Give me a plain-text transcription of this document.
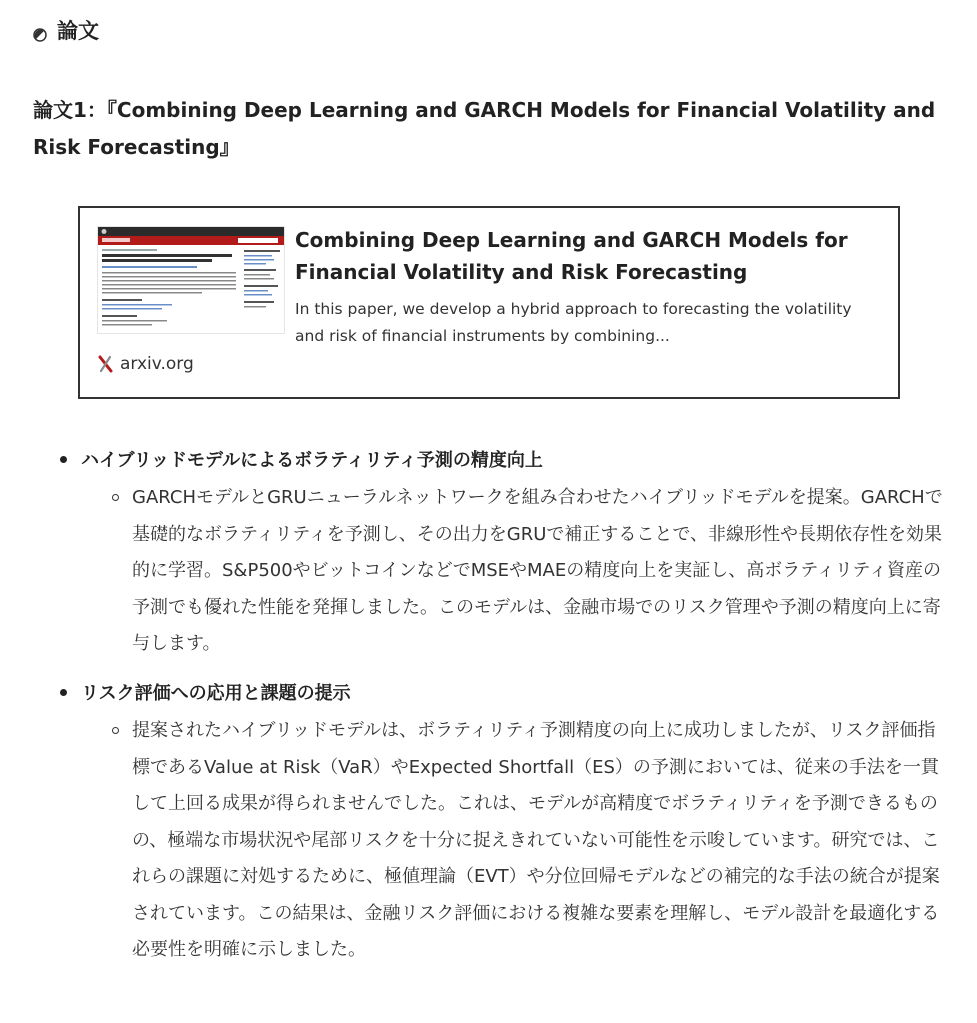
論文
論文1：『Combining Deep Learning and GARCH Models for Financial Volatility and Risk Forecasting』
Combining Deep Learning and GARCH Models for Financial Volatility and Risk Forecasting
In this paper, we develop a hybrid approach to forecasting the volatility and risk of financial instruments by combining...
arxiv.org
ハイブリッドモデルによるボラティリティ予測の精度向上
GARCHモデルとGRUニューラルネットワークを組み合わせたハイブリッドモデルを提案。GARCHで基礎的なボラティリティを予測し、その出力をGRUで補正することで、非線形性や長期依存性を効果的に学習。S&P500やビットコインなどでMSEやMAEの精度向上を実証し、高ボラティリティ資産の予測でも優れた性能を発揮しました。このモデルは、金融市場でのリスク管理や予測の精度向上に寄与します。
リスク評価への応用と課題の提示
提案されたハイブリッドモデルは、ボラティリティ予測精度の向上に成功しましたが、リスク評価指標であるValue at Risk（VaR）やExpected Shortfall（ES）の予測においては、従来の手法を一貫して上回る成果が得られませんでした。これは、モデルが高精度でボラティリティを予測できるものの、極端な市場状況や尾部リスクを十分に捉えきれていない可能性を示唆しています。研究では、これらの課題に対処するために、極値理論（EVT）や分位回帰モデルなどの補完的な手法の統合が提案されています。この結果は、金融リスク評価における複雑な要素を理解し、モデル設計を最適化する必要性を明確に示しました。
